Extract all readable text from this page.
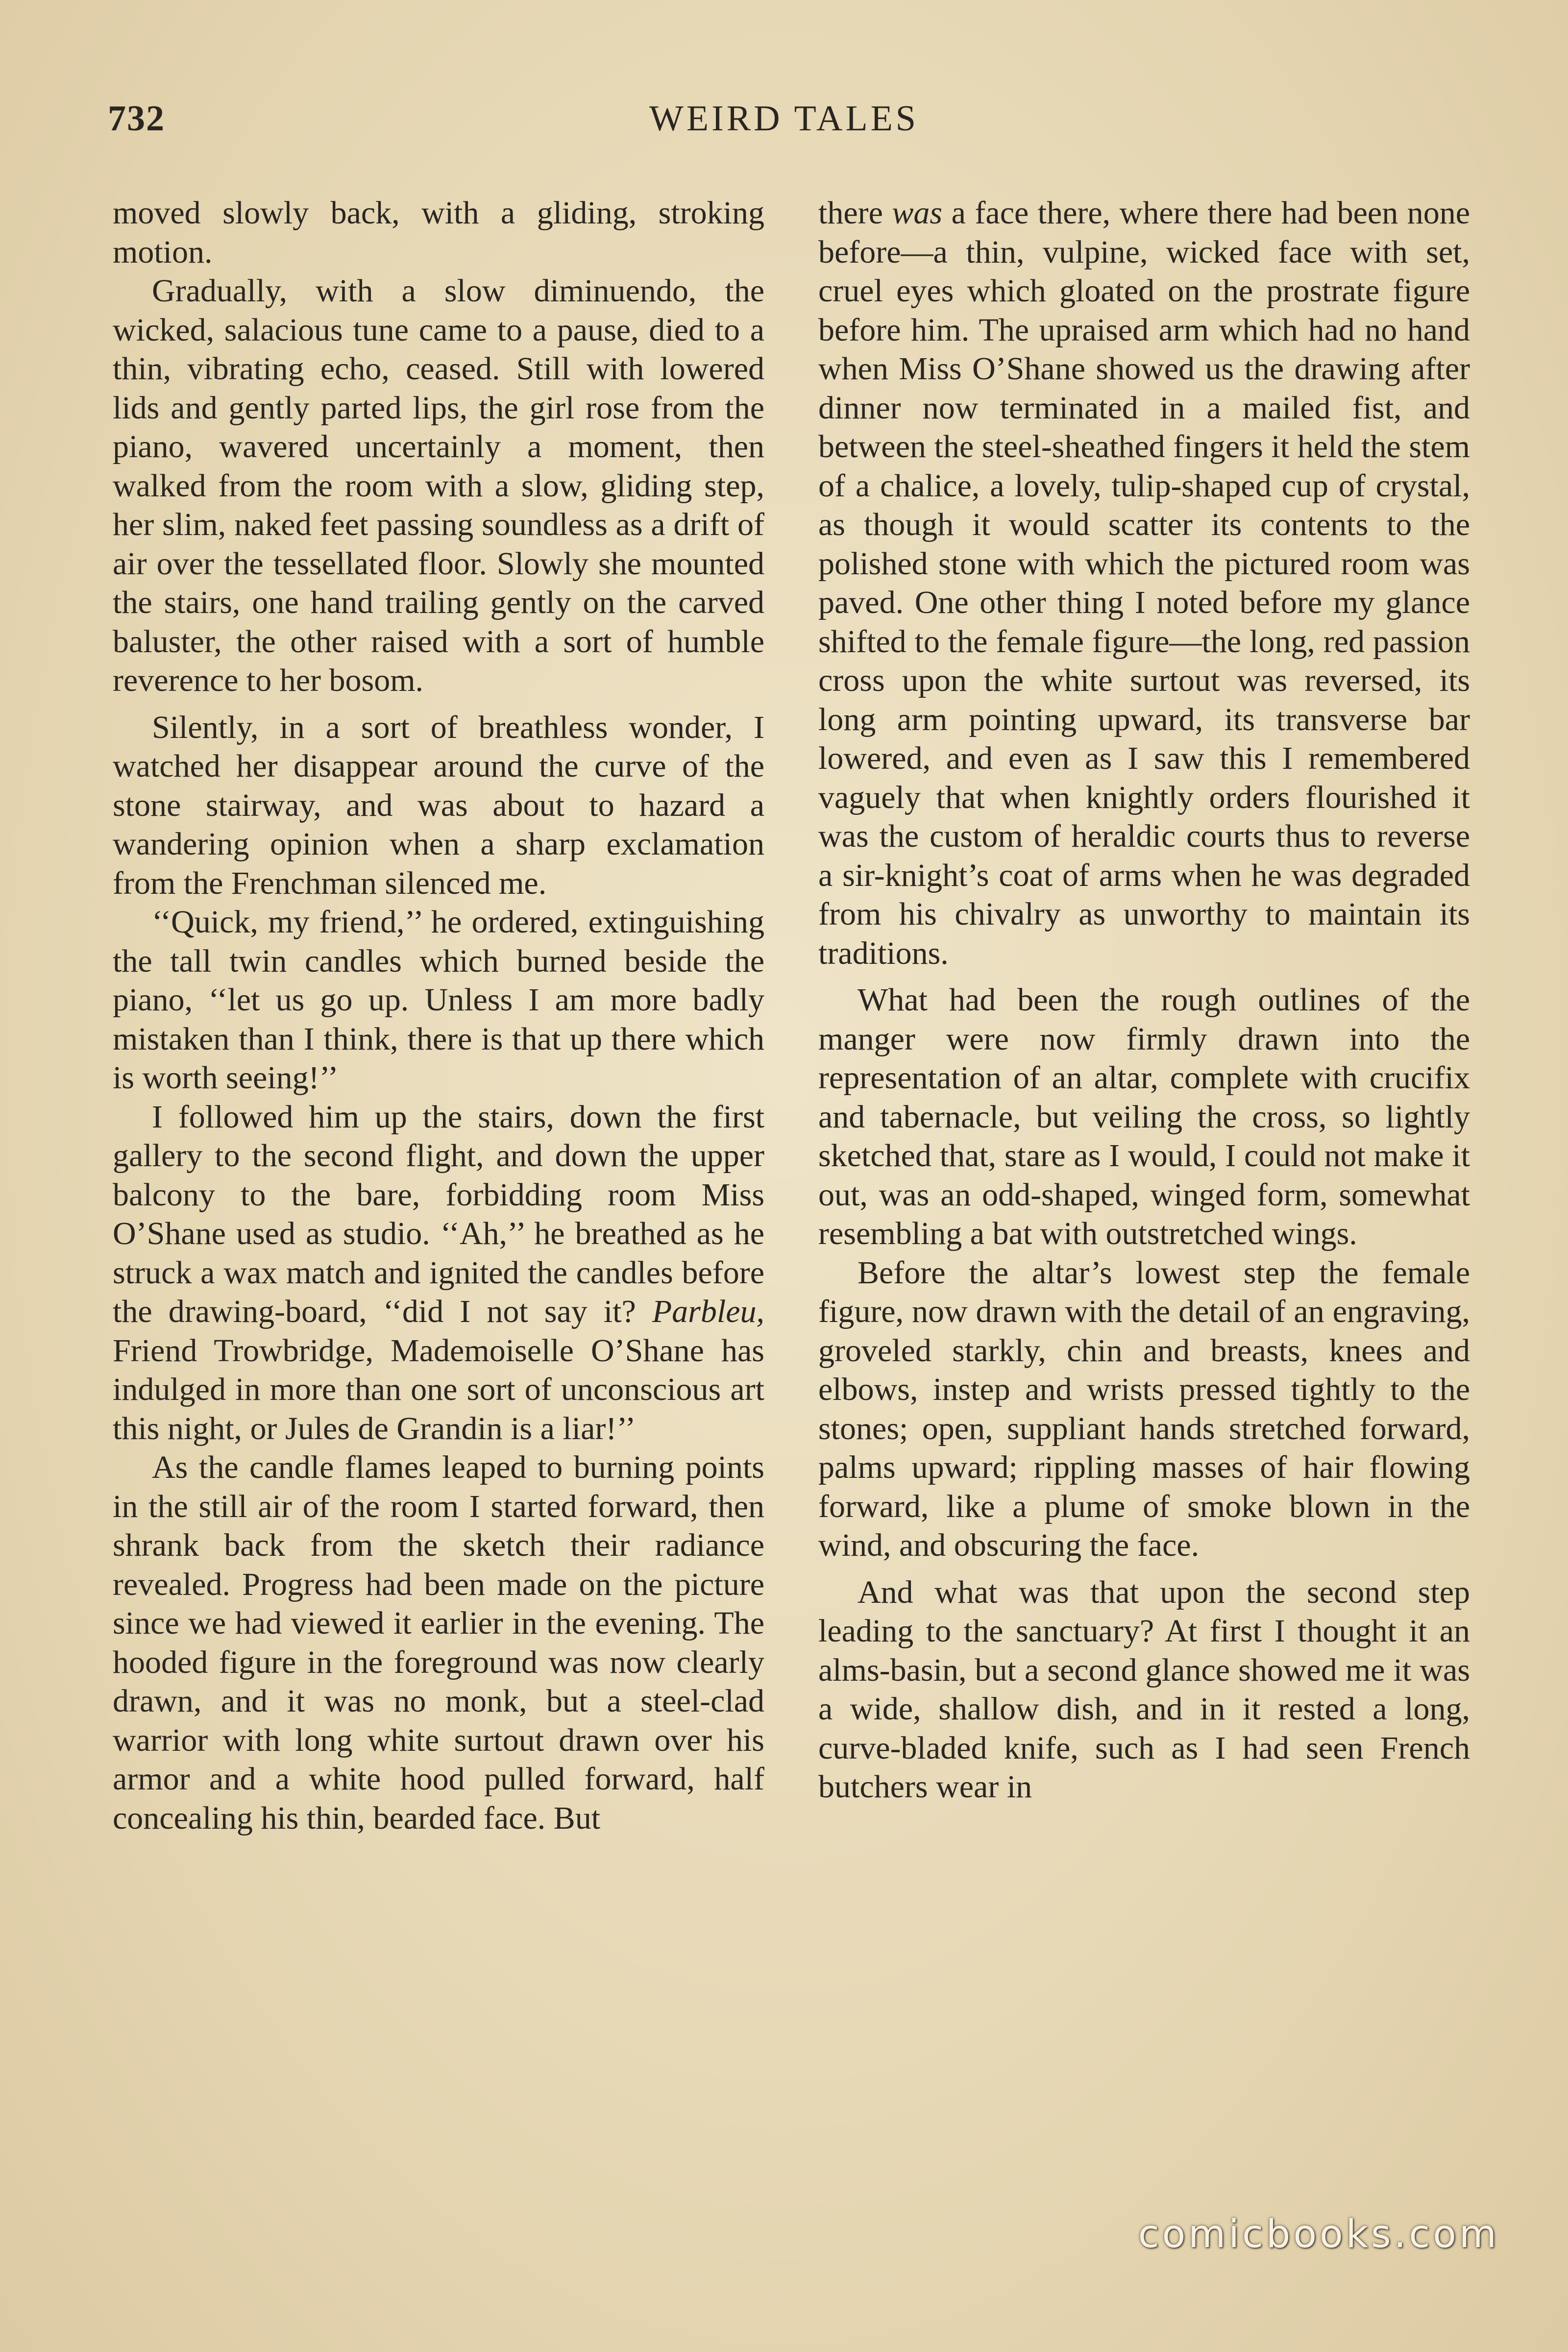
732	WEIRD TALES

moved slowly back, with a gliding, stroking motion.

Gradually, with a slow diminuendo, the wicked, salacious tune came to a pause, died to a thin, vibrating echo, ceased. Still with lowered lids and gently parted lips, the girl rose from the piano, wavered uncertainly a moment, then walked from the room with a slow, gliding step, her slim, naked feet passing soundless as a drift of air over the tessellated floor. Slowly she mounted the stairs, one hand trailing gently on the carved baluster, the other raised with a sort of humble reverence to her bosom.

Silently, in a sort of breathless wonder, I watched her disappear around the curve of the stone stairway, and was about to hazard a wandering opinion when a sharp exclamation from the Frenchman silenced me.

‘‘Quick, my friend,’’ he ordered, extinguishing the tall twin candles which burned beside the piano, ‘‘let us go up. Unless I am more badly mistaken than I think, there is that up there which is worth seeing!’’

I followed him up the stairs, down the first gallery to the second flight, and down the upper balcony to the bare, forbidding room Miss O’Shane used as studio. ‘‘Ah,’’ he breathed as he struck a wax match and ignited the candles before the drawing-board, ‘‘did I not say it? Parbleu, Friend Trowbridge, Mademoiselle O’Shane has indulged in more than one sort of unconscious art this night, or Jules de Grandin is a liar!’’

As the candle flames leaped to burning points in the still air of the room I started forward, then shrank back from the sketch their radiance revealed. Progress had been made on the picture since we had viewed it earlier in the evening. The hooded figure in the foreground was now clearly drawn, and it was no monk, but a steel-clad warrior with long white surtout drawn over his armor and a white hood pulled forward, half concealing his thin, bearded face. But

there was a face there, where there had been none before—a thin, vulpine, wicked face with set, cruel eyes which gloated on the prostrate figure before him. The upraised arm which had no hand when Miss O’Shane showed us the drawing after dinner now terminated in a mailed fist, and between the steel-sheathed fingers it held the stem of a chalice, a lovely, tulip-shaped cup of crystal, as though it would scatter its contents to the polished stone with which the pictured room was paved. One other thing I noted before my glance shifted to the female figure—the long, red passion cross upon the white surtout was reversed, its long arm pointing upward, its transverse bar lowered, and even as I saw this I remembered vaguely that when knightly orders flourished it was the custom of heraldic courts thus to reverse a sir-knight’s coat of arms when he was degraded from his chivalry as unworthy to maintain its traditions.

What had been the rough outlines of the manger were now firmly drawn into the representation of an altar, complete with crucifix and tabernacle, but veiling the cross, so lightly sketched that, stare as I would, I could not make it out, was an odd-shaped, winged form, somewhat resembling a bat with outstretched wings.

Before the altar’s lowest step the female figure, now drawn with the detail of an engraving, groveled starkly, chin and breasts, knees and elbows, instep and wrists pressed tightly to the stones; open, suppliant hands stretched forward, palms upward; rippling masses of hair flowing forward, like a plume of smoke blown in the wind, and obscuring the face.

And what was that upon the second step leading to the sanctuary? At first I thought it an alms-basin, but a second glance showed me it was a wide, shallow dish, and in it rested a long, curve-bladed knife, such as I had seen French butchers wear in

comicbooks.com
